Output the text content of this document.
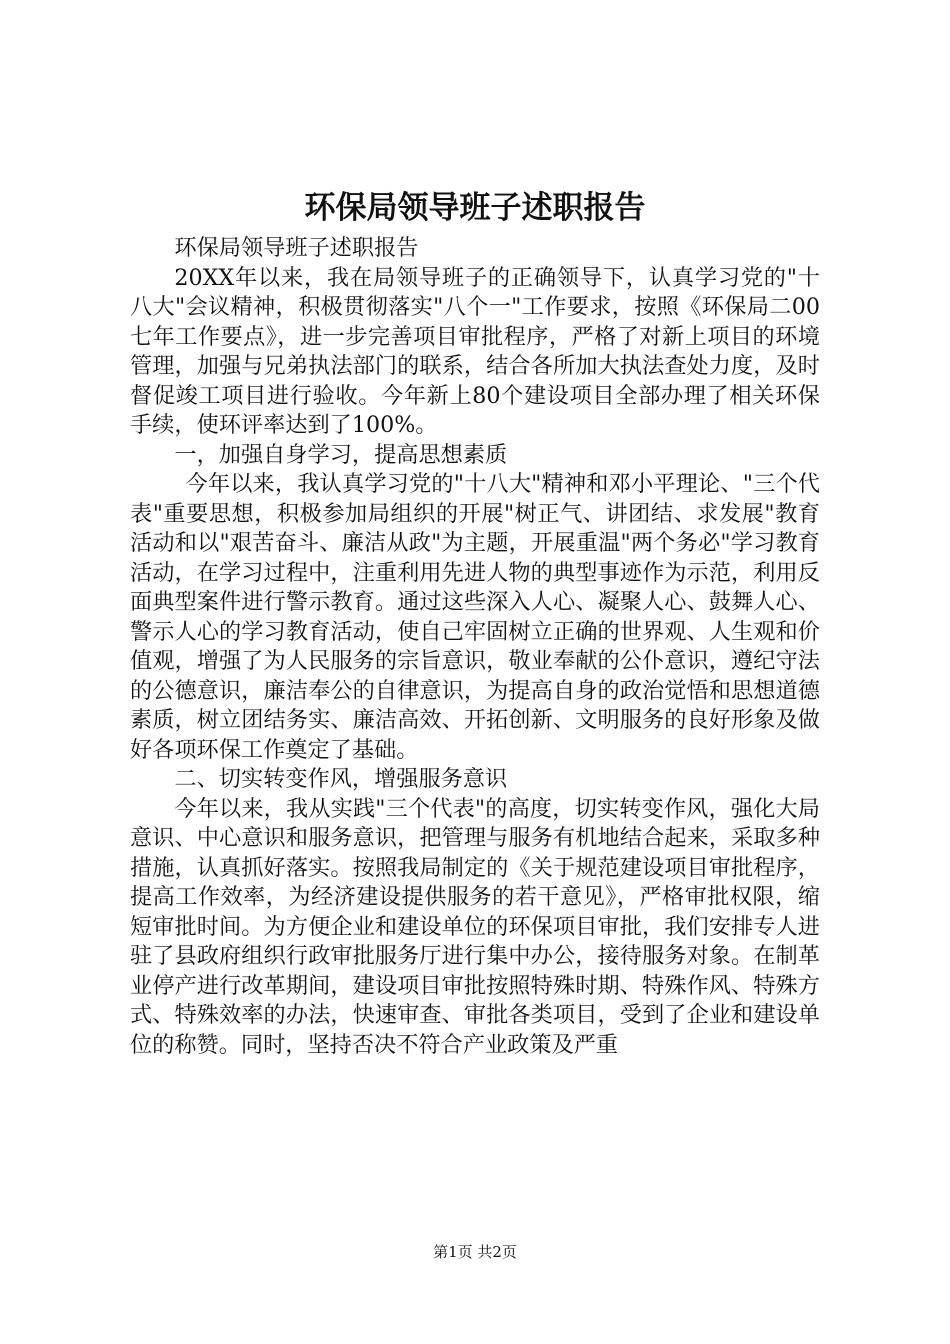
环保局领导班子述职报告

环保局领导班子述职报告

20XX年以来，我在局领导班子的正确领导下，认真学习党的"十八大"会议精神，积极贯彻落实"八个一"工作要求，按照《环保局二00七年工作要点》，进一步完善项目审批程序，严格了对新上项目的环境管理，加强与兄弟执法部门的联系，结合各所加大执法查处力度，及时督促竣工项目进行验收。今年新上80个建设项目全部办理了相关环保手续，使环评率达到了100%。

一，加强自身学习，提高思想素质

今年以来，我认真学习党的"十八大"精神和邓小平理论、"三个代表"重要思想，积极参加局组织的开展"树正气、讲团结、求发展"教育活动和以"艰苦奋斗、廉洁从政"为主题，开展重温"两个务必"学习教育活动，在学习过程中，注重利用先进人物的典型事迹作为示范，利用反面典型案件进行警示教育。通过这些深入人心、凝聚人心、鼓舞人心、警示人心的学习教育活动，使自己牢固树立正确的世界观、人生观和价值观，增强了为人民服务的宗旨意识，敬业奉献的公仆意识，遵纪守法的公德意识，廉洁奉公的自律意识，为提高自身的政治觉悟和思想道德素质，树立团结务实、廉洁高效、开拓创新、文明服务的良好形象及做好各项环保工作奠定了基础。

二、切实转变作风，增强服务意识

今年以来，我从实践"三个代表"的高度，切实转变作风，强化大局意识、中心意识和服务意识，把管理与服务有机地结合起来，采取多种措施，认真抓好落实。按照我局制定的《关于规范建设项目审批程序，提高工作效率，为经济建设提供服务的若干意见》，严格审批权限，缩短审批时间。为方便企业和建设单位的环保项目审批，我们安排专人进驻了县政府组织行政审批服务厅进行集中办公，接待服务对象。在制革业停产进行改革期间，建设项目审批按照特殊时期、特殊作风、特殊方式、特殊效率的办法，快速审查、审批各类项目，受到了企业和建设单位的称赞。同时，坚持否决不符合产业政策及严重

第1页 共2页
